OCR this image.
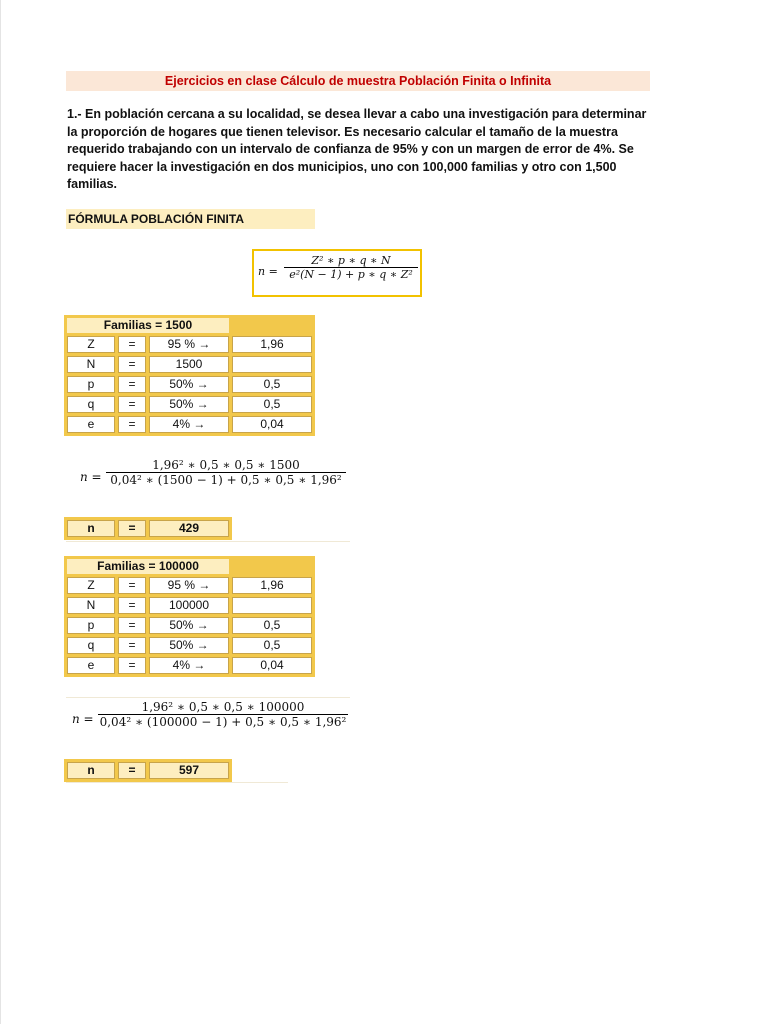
Ejercicios en clase Cálculo de muestra Población Finita o Infinita
1.- En población cercana a su localidad, se desea llevar a cabo una investigación para determinar la proporción de hogares que tienen televisor. Es necesario calcular el tamaño de la muestra requerido trabajando con un intervalo de confianza de 95% y con un margen de error de 4%. Se requiere hacer la investigación en dos municipios, uno con 100,000 familias y otro con 1,500 familias.
FÓRMULA POBLACIÓN FINITA
n =
Z² ∗ p ∗ q ∗ N
e²(N − 1) + p ∗ q ∗ Z²
Familias = 1500			
Z	=	95 % →	1,96
N	=	1500	
p	=	50% →	0,5
q	=	50% →	0,5
e	=	4% →	0,04
n =
1,96² ∗ 0,5 ∗ 0,5 ∗ 1500
0,04² ∗ (1500 − 1) + 0,5 ∗ 0,5 ∗ 1,96²
n	=	429
Familias = 100000			
Z	=	95 % →	1,96
N	=	100000	
p	=	50% →	0,5
q	=	50% →	0,5
e	=	4% →	0,04
n =
1,96² ∗ 0,5 ∗ 0,5 ∗ 100000
0,04² ∗ (100000 − 1) + 0,5 ∗ 0,5 ∗ 1,96²
n	=	597
